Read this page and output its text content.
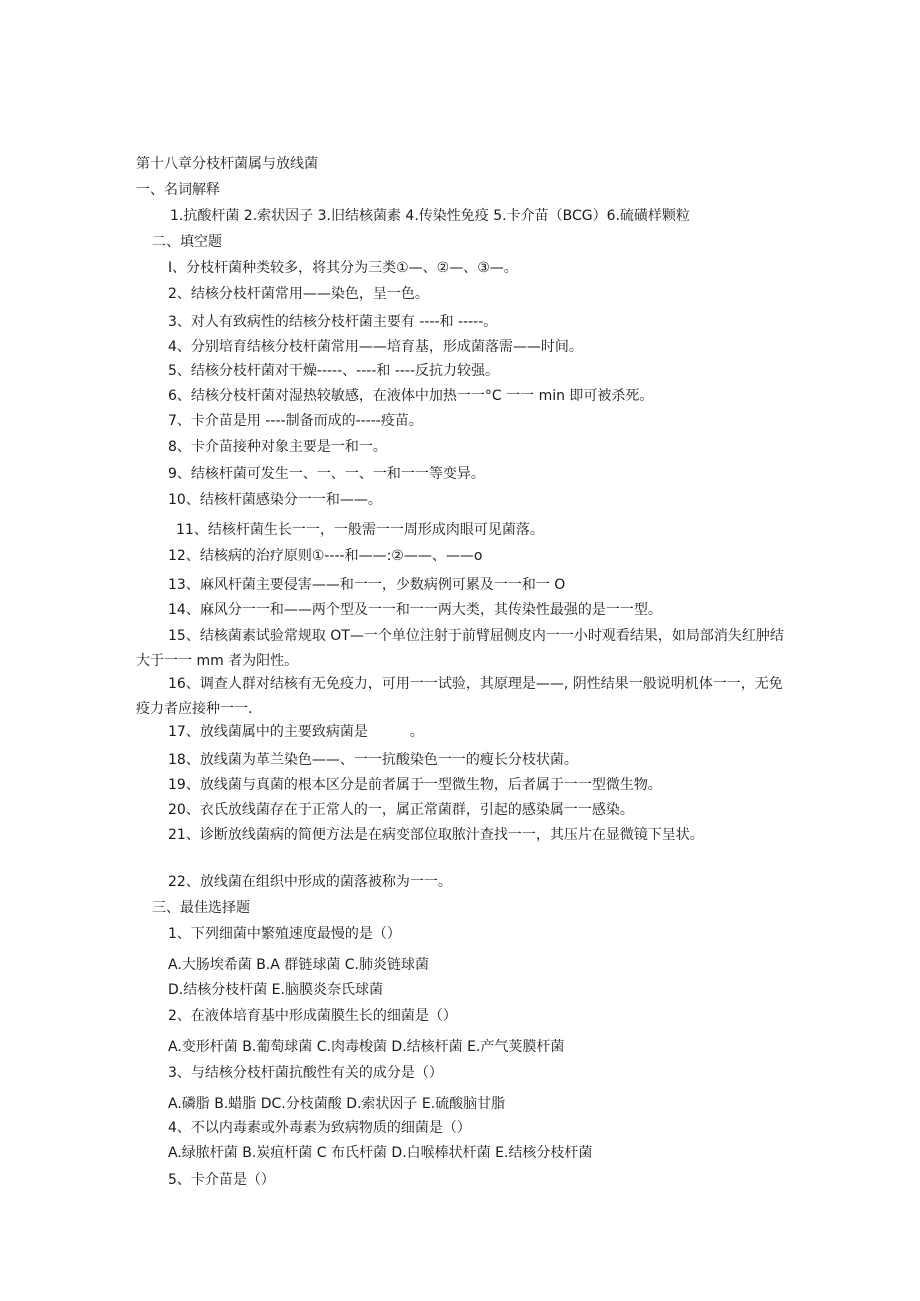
第十八章分枝杆菌属与放线菌
一、名词解释
1.抗酸杆菌 2.索状因子 3.旧结核菌素 4.传染性免疫 5.卡介苗（BCG）6.硫磺样颗粒
二、填空题
I、分枝杆菌种类较多，将其分为三类①—、②—、③—。
2、结核分枝杆菌常用——染色，呈一色。
3、对人有致病性的结核分枝杆菌主要有 ----和 -----。
4、分别培育结核分枝杆菌常用——培育基，形成菌落需——时间。
5、结核分枝杆菌对干燥-----、----和 ----反抗力较强。
6、结核分枝杆菌对湿热较敏感，在液体中加热一一°C 一一 min 即可被杀死。
7、卡介苗是用 ----制备而成的-----疫苗。
8、卡介苗接种对象主要是一和一。
9、结核杆菌可发生一、一、一、一和一一等变异。
10、结核杆菌感染分一一和——。
11、结核杆菌生长一一，一般需一一周形成肉眼可见菌落。
12、结核病的治疗原则①----和——:②——、——o
13、麻风杆菌主要侵害——和一一，少数病例可累及一一和一 O
14、麻风分一一和——两个型及一一和一一两大类，其传染性最强的是一一型。
15、结核菌素试验常规取 OT—一个单位注射于前臂屈侧皮内一一小时观看结果，如局部消失红肿结大于一一 mm 者为阳性。
16、调查人群对结核有无免疫力，可用一一试验，其原理是——, 阴性结果一般说明机体一一，无免疫力者应接种一一.
17、放线菌属中的主要致病菌是　　　。
18、放线菌为革兰染色——、一一抗酸染色一一的瘦长分枝状菌。
19、放线菌与真菌的根本区分是前者属于一型微生物，后者属于一一型微生物。
20、衣氏放线菌存在于正常人的一，属正常菌群，引起的感染属一一感染。
21、诊断放线菌病的简便方法是在病变部位取脓汁查找一一，其压片在显微镜下呈状。
22、放线菌在组织中形成的菌落被称为一一。
三、最佳选择题
1、下列细菌中繁殖速度最慢的是（）
A.大肠埃希菌 B.A 群链球菌 C.肺炎链球菌
D.结核分枝杆菌 E.脑膜炎奈氏球菌
2、在液体培育基中形成菌膜生长的细菌是（）
A.变形杆菌 B.葡萄球菌 C.肉毒梭菌 D.结核杆菌 E.产气荚膜杆菌
3、与结核分枝杆菌抗酸性有关的成分是（）
A.磷脂 B.蜡脂 DC.分枝菌酸 D.索状因子 E.硫酸脑甘脂
4、不以内毒素或外毒素为致病物质的细菌是（）
A.绿脓杆菌 B.炭疽杆菌 C 布氏杆菌 D.白喉棒状杆菌 E.结核分枝杆菌
5、卡介苗是（）
